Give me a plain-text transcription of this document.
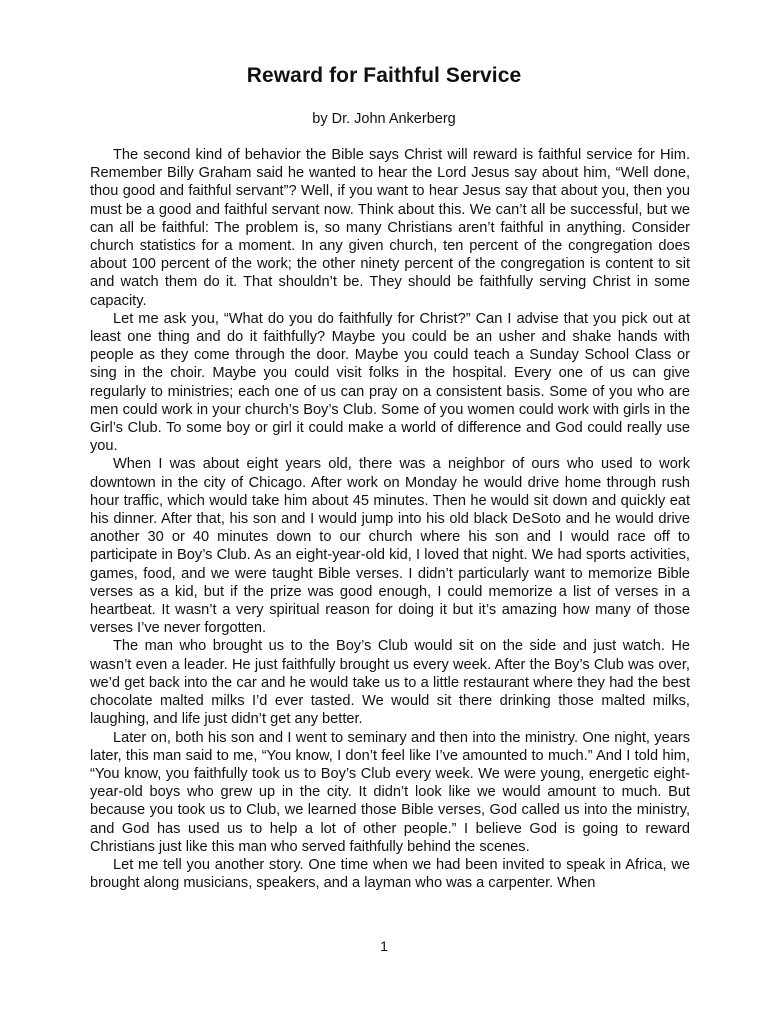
Reward for Faithful Service
by Dr. John Ankerberg

The second kind of behavior the Bible says Christ will reward is faithful service for Him. Remember Billy Graham said he wanted to hear the Lord Jesus say about him, “Well done, thou good and faithful servant”? Well, if you want to hear Jesus say that about you, then you must be a good and faithful servant now. Think about this. We can’t all be successful, but we can all be faithful: The problem is, so many Christians aren’t faithful in anything. Consider church statistics for a moment. In any given church, ten percent of the congregation does about 100 percent of the work; the other ninety percent of the congregation is content to sit and watch them do it. That shouldn’t be. They should be faithfully serving Christ in some capacity.

Let me ask you, “What do you do faithfully for Christ?” Can I advise that you pick out at least one thing and do it faithfully? Maybe you could be an usher and shake hands with people as they come through the door. Maybe you could teach a Sunday School Class or sing in the choir. Maybe you could visit folks in the hospital. Every one of us can give regularly to ministries; each one of us can pray on a consistent basis. Some of you who are men could work in your church’s Boy’s Club. Some of you women could work with girls in the Girl’s Club. To some boy or girl it could make a world of difference and God could really use you.

When I was about eight years old, there was a neighbor of ours who used to work downtown in the city of Chicago. After work on Monday he would drive home through rush hour traffic, which would take him about 45 minutes. Then he would sit down and quickly eat his dinner. After that, his son and I would jump into his old black DeSoto and he would drive another 30 or 40 minutes down to our church where his son and I would race off to participate in Boy’s Club. As an eight-year-old kid, I loved that night. We had sports activities, games, food, and we were taught Bible verses. I didn’t particularly want to memorize Bible verses as a kid, but if the prize was good enough, I could memorize a list of verses in a heartbeat. It wasn’t a very spiritual reason for doing it but it’s amazing how many of those verses I’ve never forgotten.

The man who brought us to the Boy’s Club would sit on the side and just watch. He wasn’t even a leader. He just faithfully brought us every week. After the Boy’s Club was over, we’d get back into the car and he would take us to a little restaurant where they had the best chocolate malted milks I’d ever tasted. We would sit there drinking those malted milks, laughing, and life just didn’t get any better.

Later on, both his son and I went to seminary and then into the ministry. One night, years later, this man said to me, “You know, I don’t feel like I’ve amounted to much.” And I told him, “You know, you faithfully took us to Boy’s Club every week. We were young, energetic eight-year-old boys who grew up in the city. It didn’t look like we would amount to much. But because you took us to Club, we learned those Bible verses, God called us into the ministry, and God has used us to help a lot of other people.” I believe God is going to reward Christians just like this man who served faithfully behind the scenes.

Let me tell you another story. One time when we had been invited to speak in Africa, we brought along musicians, speakers, and a layman who was a carpenter. When

1
